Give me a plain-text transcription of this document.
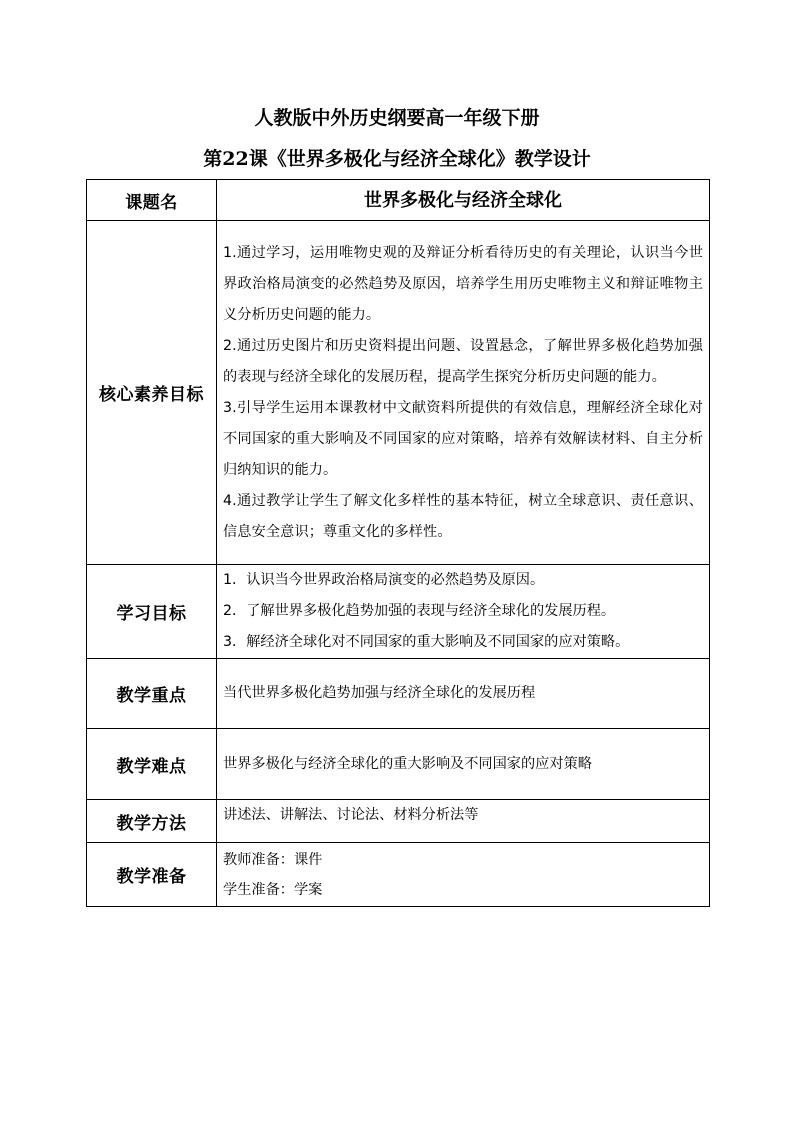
人教版中外历史纲要高一年级下册
第22课《世界多极化与经济全球化》教学设计
课题名	世界多极化与经济全球化

核心素养目标	1.通过学习，运用唯物史观的及辩证分析看待历史的有关理论，认识当今世界政治格局演变的必然趋势及原因，培养学生用历史唯物主义和辩证唯物主义分析历史问题的能力。
2.通过历史图片和历史资料提出问题、设置悬念，了解世界多极化趋势加强的表现与经济全球化的发展历程，提高学生探究分析历史问题的能力。
3.引导学生运用本课教材中文献资料所提供的有效信息，理解经济全球化对不同国家的重大影响及不同国家的应对策略，培养有效解读材料、自主分析归纳知识的能力。
4.通过教学让学生了解文化多样性的基本特征，树立全球意识、责任意识、信息安全意识；尊重文化的多样性。

学习目标	1．认识当今世界政治格局演变的必然趋势及原因。
2．了解世界多极化趋势加强的表现与经济全球化的发展历程。
3．解经济全球化对不同国家的重大影响及不同国家的应对策略。

教学重点	当代世界多极化趋势加强与经济全球化的发展历程

教学难点	世界多极化与经济全球化的重大影响及不同国家的应对策略

教学方法	讲述法、讲解法、讨论法、材料分析法等

教学准备	教师准备：课件
学生准备：学案
